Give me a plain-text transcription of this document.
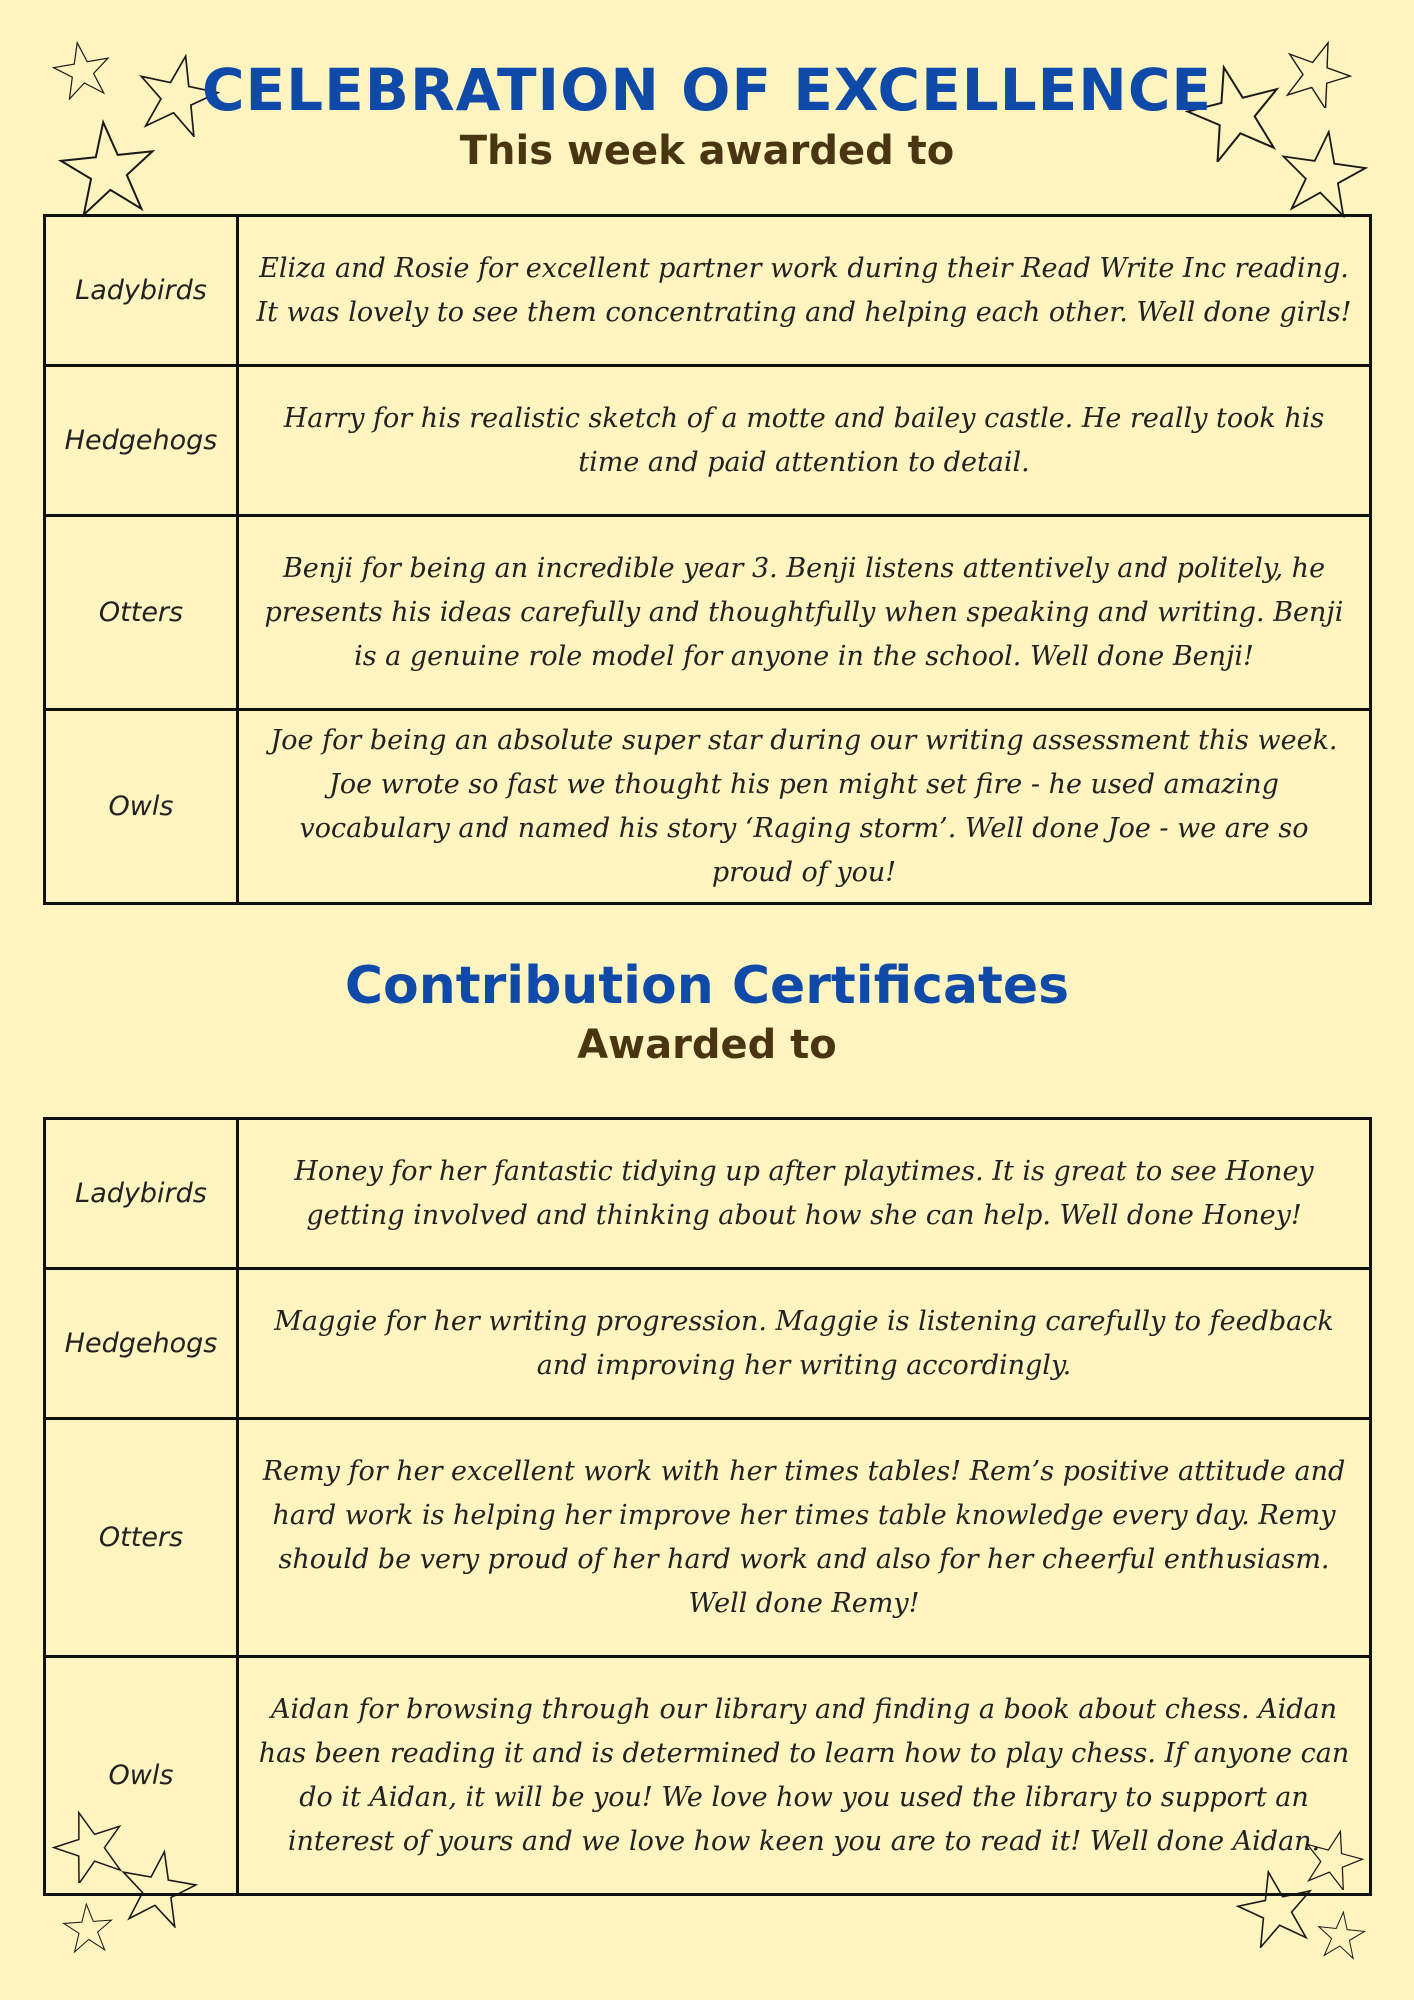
CELEBRATION OF EXCELLENCE
This week awarded to
Ladybirds	Eliza and Rosie for excellent partner work during their Read Write Inc reading. It was lovely to see them concentrating and helping each other. Well done girls!
Hedgehogs	Harry for his realistic sketch of a motte and bailey castle. He really took his time and paid attention to detail.
Otters	Benji for being an incredible year 3. Benji listens attentively and politely, he presents his ideas carefully and thoughtfully when speaking and writing. Benji is a genuine role model for anyone in the school. Well done Benji!
Owls	Joe for being an absolute super star during our writing assessment this week. Joe wrote so fast we thought his pen might set fire - he used amazing vocabulary and named his story ‘Raging storm’. Well done Joe - we are so proud of you!
Contribution Certificates
Awarded to
Ladybirds	Honey for her fantastic tidying up after playtimes. It is great to see Honey getting involved and thinking about how she can help. Well done Honey!
Hedgehogs	Maggie for her writing progression. Maggie is listening carefully to feedback and improving her writing accordingly.
Otters	Remy for her excellent work with her times tables! Rem’s positive attitude and hard work is helping her improve her times table knowledge every day. Remy should be very proud of her hard work and also for her cheerful enthusiasm. Well done Remy!
Owls	Aidan for browsing through our library and finding a book about chess. Aidan has been reading it and is determined to learn how to play chess. If anyone can do it Aidan, it will be you! We love how you used the library to support an interest of yours and we love how keen you are to read it! Well done Aidan.
